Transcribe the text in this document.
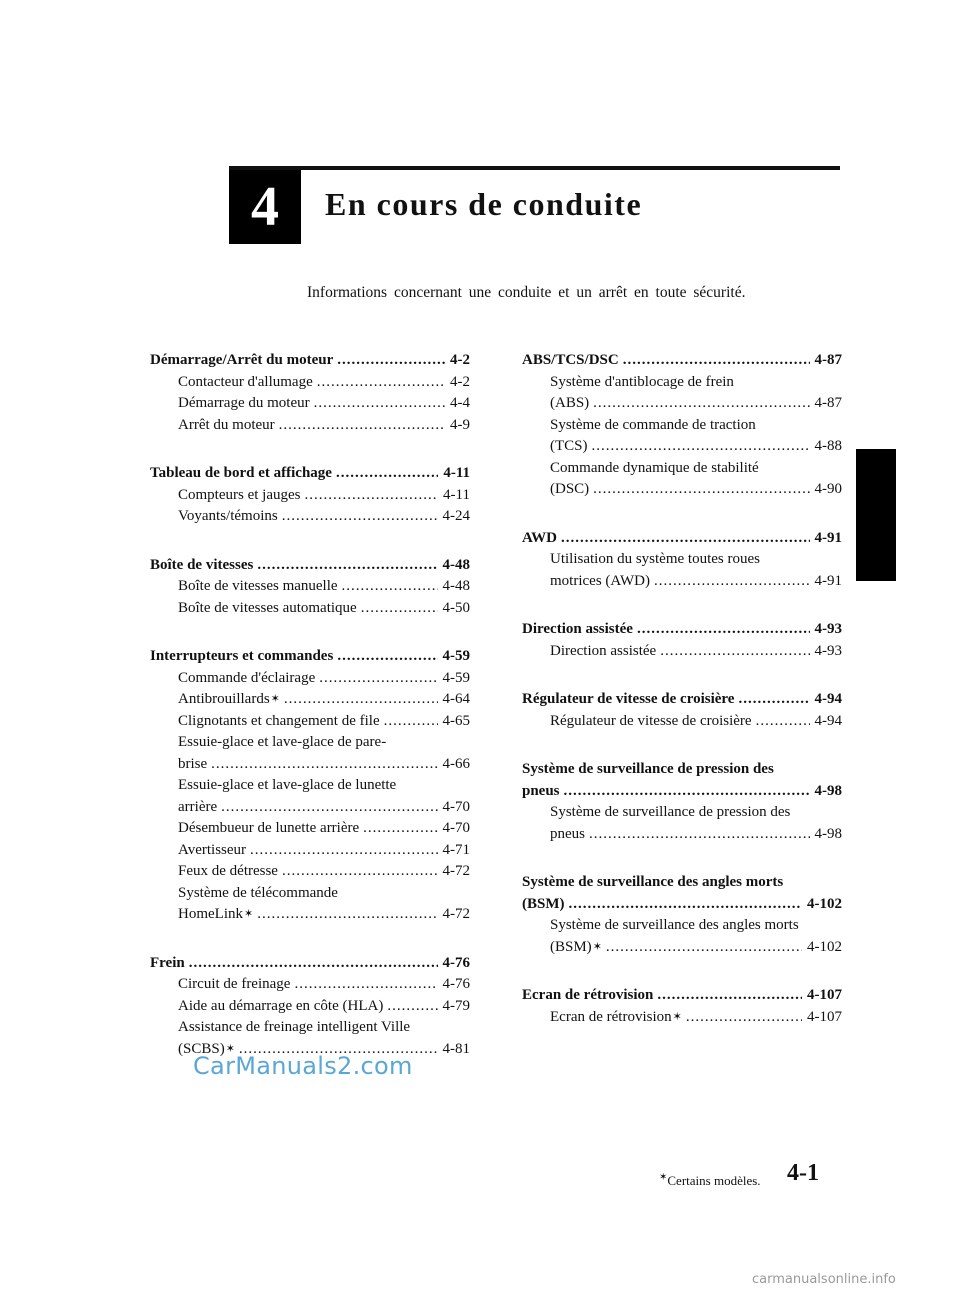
4	En cours de conduite
Informations concernant une conduite et un arrêt en toute sécurité.
Démarrage/Arrêt du moteur .....	4-2
Contacteur d'allumage .....	4-2
Démarrage du moteur .....	4-4
Arrêt du moteur .....	4-9
Tableau de bord et affichage .....	4-11
Compteurs et jauges .....	4-11
Voyants/témoins .....	4-24
Boîte de vitesses .....	4-48
Boîte de vitesses manuelle .....	4-48
Boîte de vitesses automatique .....	4-50
Interrupteurs et commandes .....	4-59
Commande d'éclairage .....	4-59
Antibrouillards ✶ .....	4-64
Clignotants et changement de file .....	4-65
Essuie-glace et lave-glace de pare-
brise .....	4-66
Essuie-glace et lave-glace de lunette
arrière .....	4-70
Désembueur de lunette arrière .....	4-70
Avertisseur .....	4-71
Feux de détresse .....	4-72
Système de télécommande
HomeLink ✶ .....	4-72
Frein .....	4-76
Circuit de freinage .....	4-76
Aide au démarrage en côte (HLA) .....	4-79
Assistance de freinage intelligent Ville
(SCBS) ✶ .....	4-81
ABS/TCS/DSC .....	4-87
Système d'antiblocage de frein
(ABS) .....	4-87
Système de commande de traction
(TCS) .....	4-88
Commande dynamique de stabilité
(DSC) .....	4-90
AWD .....	4-91
Utilisation du système toutes roues
motrices (AWD) .....	4-91
Direction assistée .....	4-93
Direction assistée .....	4-93
Régulateur de vitesse de croisière .....	4-94
Régulateur de vitesse de croisière .....	4-94
Système de surveillance de pression des
pneus .....	4-98
Système de surveillance de pression des
pneus .....	4-98
Système de surveillance des angles morts
(BSM) .....	4-102
Système de surveillance des angles morts
(BSM) ✶ .....	4-102
Ecran de rétrovision .....	4-107
Ecran de rétrovision ✶ .....	4-107
CarManuals2.com
✶Certains modèles. 4-1
carmanualsonline.info
